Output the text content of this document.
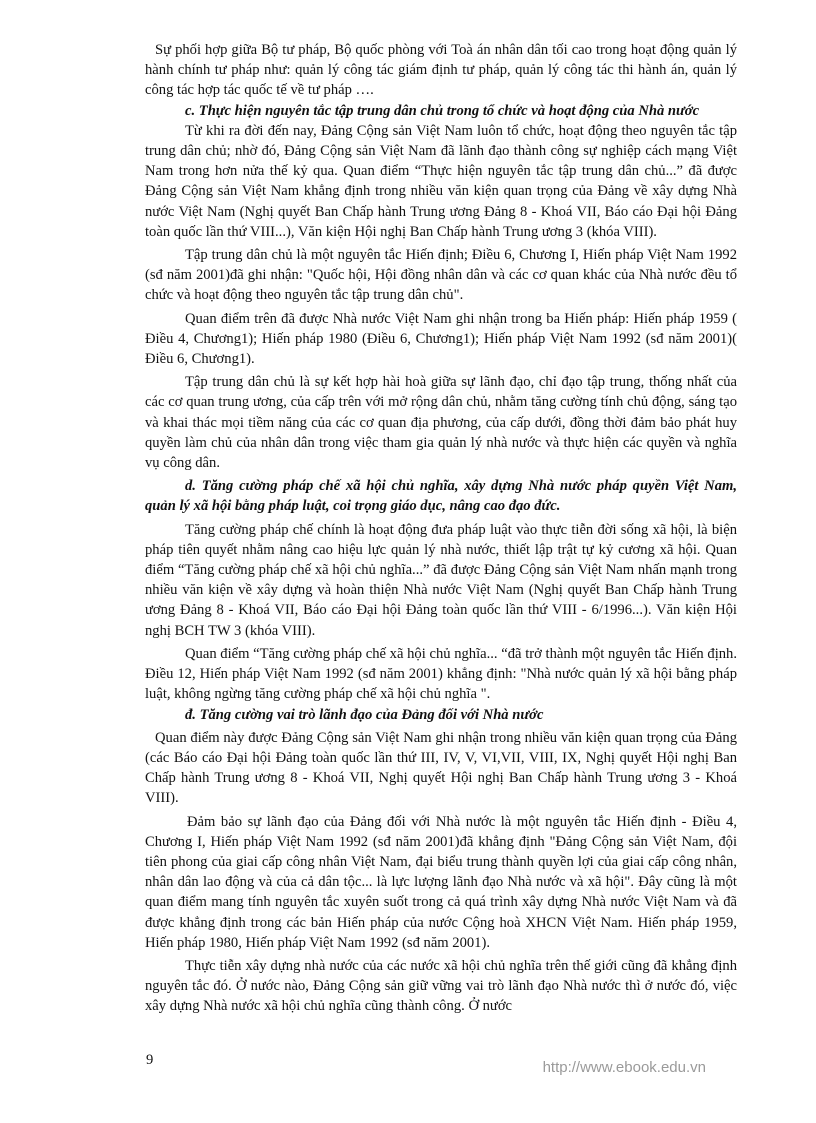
Sự phối hợp giữa Bộ tư pháp, Bộ quốc phòng với Toà án nhân dân tối cao trong hoạt động quản lý hành chính tư pháp như: quản lý công tác giám định tư pháp, quản lý công tác thi hành án, quản lý công tác hợp tác quốc tế về tư pháp ….

c. Thực hiện nguyên tắc tập trung dân chủ trong tổ chức và hoạt động của Nhà nước

Từ khi ra đời đến nay, Đảng Cộng sản Việt Nam luôn tổ chức, hoạt động theo nguyên tắc tập trung dân chủ; nhờ đó, Đảng Cộng sản Việt Nam đã lãnh đạo thành công sự nghiệp cách mạng Việt Nam trong hơn nửa thế kỷ qua. Quan điểm “Thực hiện nguyên tắc tập trung dân chủ...” đã được Đảng Cộng sản Việt Nam khẳng định trong nhiều văn kiện quan trọng của Đảng về xây dựng Nhà nước Việt Nam (Nghị quyết Ban Chấp hành Trung ương Đảng 8 - Khoá VII, Báo cáo Đại hội Đảng toàn quốc lần thứ VIII...), Văn kiện Hội nghị Ban Chấp hành Trung ương 3 (khóa VIII).

Tập trung dân chủ là một nguyên tắc Hiến định; Điều 6, Chương I, Hiến pháp Việt Nam 1992 (sđ năm 2001)đã ghi nhận: "Quốc hội, Hội đồng nhân dân và các cơ quan khác của Nhà nước đều tổ chức và hoạt động theo nguyên tắc tập trung dân chủ".

Quan điểm trên đã được Nhà nước Việt Nam ghi nhận trong ba Hiến pháp: Hiến pháp 1959 ( Điều 4, Chương1); Hiến pháp 1980 (Điều 6, Chương1); Hiến pháp Việt Nam 1992 (sđ năm 2001)( Điều 6, Chương1).

Tập trung dân chủ là sự kết hợp hài hoà giữa sự lãnh đạo, chỉ đạo tập trung, thống nhất của các cơ quan trung ương, của cấp trên với mở rộng dân chủ, nhằm tăng cường tính chủ động, sáng tạo và khai thác mọi tiềm năng của các cơ quan địa phương, của cấp dưới, đồng thời đảm bảo phát huy quyền làm chủ của nhân dân trong việc tham gia quản lý nhà nước và thực hiện các quyền và nghĩa vụ công dân.

d. Tăng cường pháp chế xã hội chủ nghĩa, xây dựng Nhà nước pháp quyền Việt Nam, quản lý xã hội bằng pháp luật, coi trọng giáo dục, nâng cao đạo đức.

Tăng cường pháp chế chính là hoạt động đưa pháp luật vào thực tiễn đời sống xã hội, là biện pháp tiên quyết nhằm nâng cao hiệu lực quản lý nhà nước, thiết lập trật tự kỷ cương xã hội. Quan điểm “Tăng cường pháp chế xã hội chủ nghĩa...” đã được Đảng Cộng sản Việt Nam nhấn mạnh trong nhiều văn kiện về xây dựng và hoàn thiện Nhà nước Việt Nam (Nghị quyết Ban Chấp hành Trung ương Đảng 8 - Khoá VII, Báo cáo Đại hội Đảng toàn quốc lần thứ VIII - 6/1996...). Văn kiện Hội nghị BCH TW 3 (khóa VIII).

Quan điểm “Tăng cường pháp chế xã hội chủ nghĩa... “đã trở thành một nguyên tắc Hiến định. Điều 12, Hiến pháp Việt Nam 1992 (sđ năm 2001) khẳng định: "Nhà nước quản lý xã hội bằng pháp luật, không ngừng tăng cường pháp chế xã hội chủ nghĩa ".

đ. Tăng cường vai trò lãnh đạo của Đảng đối với Nhà nước

Quan điểm này được Đảng Cộng sản Việt Nam ghi nhận trong nhiều văn kiện quan trọng của Đảng (các Báo cáo Đại hội Đảng toàn quốc lần thứ III, IV, V, VI,VII, VIII, IX, Nghị quyết Hội nghị Ban Chấp hành Trung ương 8 - Khoá VII, Nghị quyết Hội nghị Ban Chấp hành Trung ương 3 - Khoá VIII).

Đảm bảo sự lãnh đạo của Đảng đối với Nhà nước là một nguyên tắc Hiến định - Điều 4, Chương I, Hiến pháp Việt Nam 1992 (sđ năm 2001)đã khẳng định "Đảng Cộng sản Việt Nam, đội tiên phong của giai cấp công nhân Việt Nam, đại biểu trung thành quyền lợi của giai cấp công nhân, nhân dân lao động và của cả dân tộc... là lực lượng lãnh đạo Nhà nước và xã hội". Đây cũng là một quan điểm mang tính nguyên tắc xuyên suốt trong cả quá trình xây dựng Nhà nước Việt Nam và đã được khẳng định trong các bản Hiến pháp của nước Cộng hoà XHCN Việt Nam. Hiến pháp 1959, Hiến pháp 1980, Hiến pháp Việt Nam 1992 (sđ năm 2001).

Thực tiễn xây dựng nhà nước của các nước xã hội chủ nghĩa trên thế giới cũng đã khẳng định nguyên tắc đó. Ở nước nào, Đảng Cộng sản giữ vững vai trò lãnh đạo Nhà nước thì ở nước đó, việc xây dựng Nhà nước xã hội chủ nghĩa cũng thành công. Ở nước

9	http://www.ebook.edu.vn
